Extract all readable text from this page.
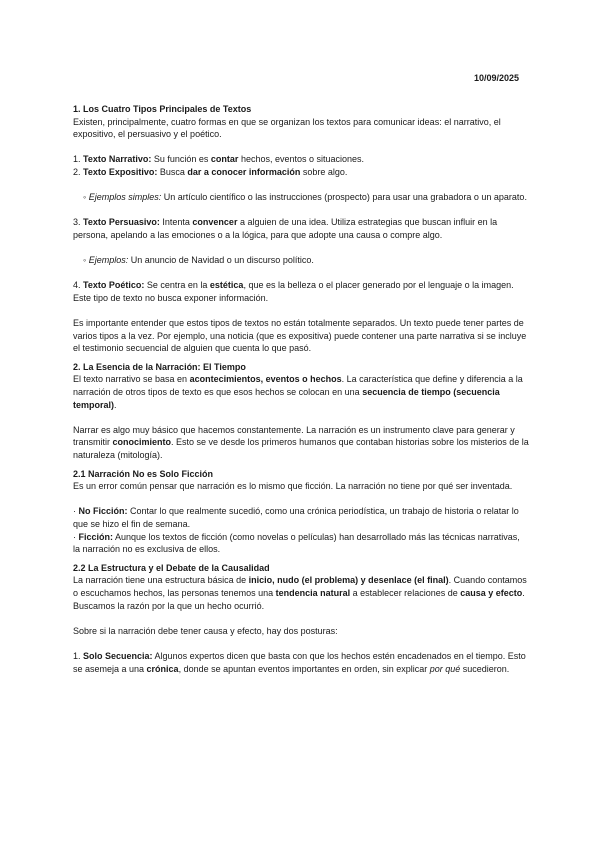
10/09/2025

1. Los Cuatro Tipos Principales de Textos

Existen, principalmente, cuatro formas en que se organizan los textos para comunicar ideas: el narrativo, el expositivo, el persuasivo y el poético.

1. Texto Narrativo: Su función es contar hechos, eventos o situaciones.

2. Texto Expositivo: Busca dar a conocer información sobre algo.

◦ Ejemplos simples: Un artículo científico o las instrucciones (prospecto) para usar una grabadora o un aparato.

3. Texto Persuasivo: Intenta convencer a alguien de una idea. Utiliza estrategias que buscan influir en la persona, apelando a las emociones o a la lógica, para que adopte una causa o compre algo.

◦ Ejemplos: Un anuncio de Navidad o un discurso político.

4. Texto Poético: Se centra en la estética, que es la belleza o el placer generado por el lenguaje o la imagen. Este tipo de texto no busca exponer información.

Es importante entender que estos tipos de textos no están totalmente separados. Un texto puede tener partes de varios tipos a la vez. Por ejemplo, una noticia (que es expositiva) puede contener una parte narrativa si se incluye el testimonio secuencial de alguien que cuenta lo que pasó.

2. La Esencia de la Narración: El Tiempo

El texto narrativo se basa en acontecimientos, eventos o hechos. La característica que define y diferencia a la narración de otros tipos de texto es que esos hechos se colocan en una secuencia de tiempo (secuencia temporal).

Narrar es algo muy básico que hacemos constantemente. La narración es un instrumento clave para generar y transmitir conocimiento. Esto se ve desde los primeros humanos que contaban historias sobre los misterios de la naturaleza (mitología).

2.1 Narración No es Solo Ficción

Es un error común pensar que narración es lo mismo que ficción. La narración no tiene por qué ser inventada.

· No Ficción: Contar lo que realmente sucedió, como una crónica periodística, un trabajo de historia o relatar lo que se hizo el fin de semana.

· Ficción: Aunque los textos de ficción (como novelas o películas) han desarrollado más las técnicas narrativas, la narración no es exclusiva de ellos.

2.2 La Estructura y el Debate de la Causalidad

La narración tiene una estructura básica de inicio, nudo (el problema) y desenlace (el final). Cuando contamos o escuchamos hechos, las personas tenemos una tendencia natural a establecer relaciones de causa y efecto. Buscamos la razón por la que un hecho ocurrió.

Sobre si la narración debe tener causa y efecto, hay dos posturas:

1. Solo Secuencia: Algunos expertos dicen que basta con que los hechos estén encadenados en el tiempo. Esto se asemeja a una crónica, donde se apuntan eventos importantes en orden, sin explicar por qué sucedieron.
